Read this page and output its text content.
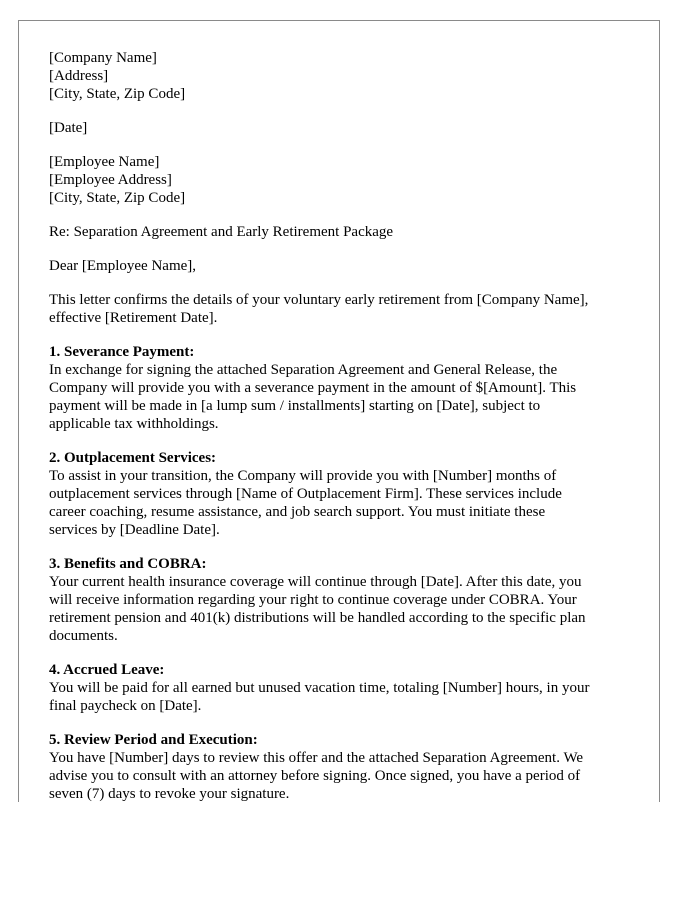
[Company Name]
[Address]
[City, State, Zip Code]
[Date]
[Employee Name]
[Employee Address]
[City, State, Zip Code]
Re: Separation Agreement and Early Retirement Package
Dear [Employee Name],
This letter confirms the details of your voluntary early retirement from [Company Name],
effective [Retirement Date].
1. Severance Payment:
In exchange for signing the attached Separation Agreement and General Release, the
Company will provide you with a severance payment in the amount of $[Amount]. This
payment will be made in [a lump sum / installments] starting on [Date], subject to
applicable tax withholdings.
2. Outplacement Services:
To assist in your transition, the Company will provide you with [Number] months of
outplacement services through [Name of Outplacement Firm]. These services include
career coaching, resume assistance, and job search support. You must initiate these
services by [Deadline Date].
3. Benefits and COBRA:
Your current health insurance coverage will continue through [Date]. After this date, you
will receive information regarding your right to continue coverage under COBRA. Your
retirement pension and 401(k) distributions will be handled according to the specific plan
documents.
4. Accrued Leave:
You will be paid for all earned but unused vacation time, totaling [Number] hours, in your
final paycheck on [Date].
5. Review Period and Execution:
You have [Number] days to review this offer and the attached Separation Agreement. We
advise you to consult with an attorney before signing. Once signed, you have a period of
seven (7) days to revoke your signature.
